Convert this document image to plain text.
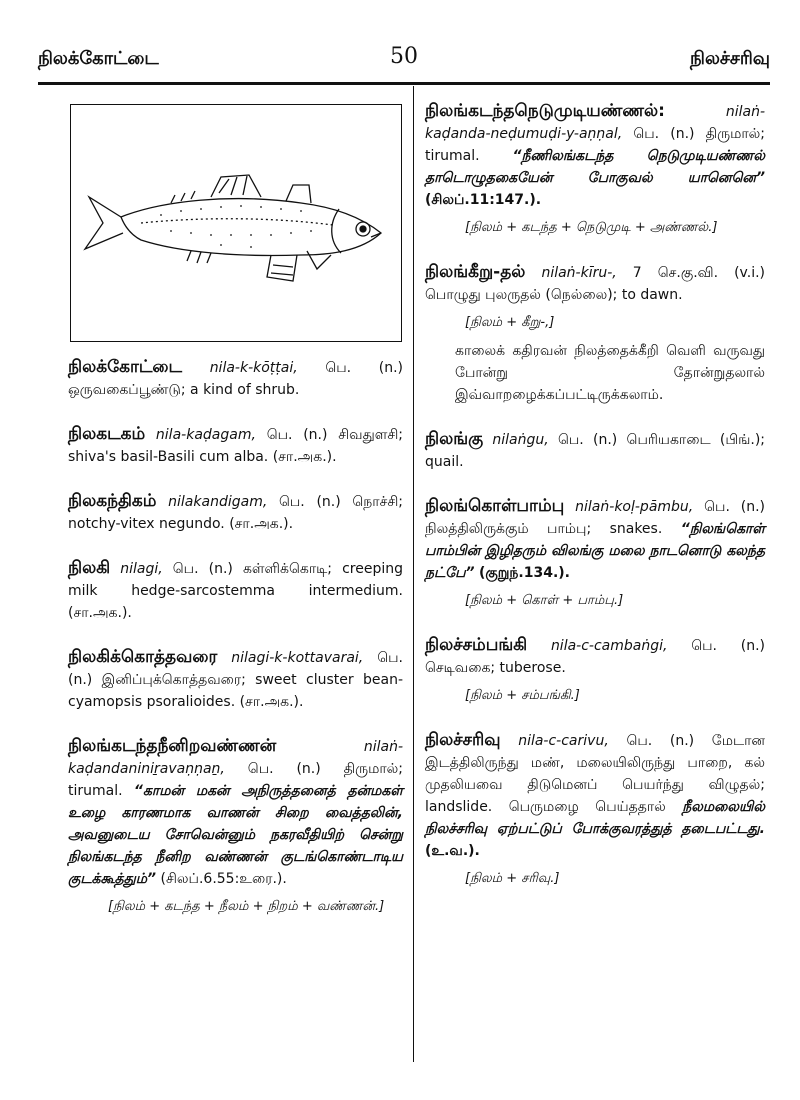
நிலக்கோட்டை	50	நிலச்சரிவு
நிலக்கோட்டை nila-k-kōṭṭai, பெ. (n.) ஒருவகைப்பூண்டு; a kind of shrub.
நிலகடகம் nila-kaḍagam, பெ. (n.) சிவதுளசி; shiva's basil-Basili cum alba. (சா.அக.).
நிலகந்திகம் nilakandigam, பெ. (n.) நொச்சி; notchy-vitex negundo. (சா.அக.).
நிலகி nilagi, பெ. (n.) கள்ளிக்கொடி; creeping milk hedge-sarcostemma intermedium. (சா.அக.).
நிலகிக்கொத்தவரை nilagi-k-kottavarai, பெ. (n.) இனிப்புக்கொத்தவரை; sweet cluster bean-cyamopsis psoralioides. (சா.அக.).
நிலங்கடந்தநீனிறவண்ணன்	nilaṅ-kaḍandaniniṟavaṇṇaṉ, பெ. (n.) திருமால்; tirumal. “காமன் மகன் அநிருத்தனைத் தன்மகள் உழை காரணமாக வாணன் சிறை வைத்தலின், அவனுடைய சோவென்னும் நகரவீதியிற் சென்று நிலங்கடந்த நீனிற வண்ணன் குடங்கொண்டாடிய குடக்கூத்தும்” (சிலப்.6.55:உரை.).
[நிலம் + கடந்த + நீலம் + நிறம் + வண்ணன்.]
நிலங்கடந்தநெடுமுடியண்ணல்:	nilaṅ-kaḍanda-neḍumuḍi-y-aṇṇal, பெ. (n.) திருமால்; tirumal. “நீணிலங்கடந்த நெடுமுடியண்ணல் தாடொழுதகையேன் போகுவல் யானெனெ” (சிலப்.11:147.).
[நிலம் + கடந்த + நெடுமுடி + அண்ணல்.]
நிலங்கீறு-தல் nilaṅ-kīru-, 7 செ.கு.வி. (v.i.) பொழுது புலருதல் (நெல்லை); to dawn.
[நிலம் + கீறு-,]
காலைக் கதிரவன் நிலத்தைக்கீறி வெளி வருவது போன்று தோன்றுதலால் இவ்வாறழைக்கப்பட்டிருக்கலாம்.
நிலங்கு nilaṅgu, பெ. (n.) பெரியகாடை (பிங்.); quail.
நிலங்கொள்பாம்பு nilaṅ-koḷ-pāmbu, பெ. (n.) நிலத்திலிருக்கும் பாம்பு; snakes. “நிலங்கொள் பாம்பின் இழிதரும் விலங்கு மலை நாடனொடு கலந்த நட்பே” (குறுந்.134.).
[நிலம் + கொள் + பாம்பு.]
நிலச்சம்பங்கி nila-c-cambaṅgi, பெ. (n.) செடிவகை; tuberose.
[நிலம் + சம்பங்கி.]
நிலச்சரிவு nila-c-carivu, பெ. (n.) மேடான இடத்திலிருந்து மண், மலையிலிருந்து பாறை, கல் முதலியவை திடுமெனப் பெயர்ந்து விழுதல்; landslide. பெருமழை பெய்ததால் நீலமலையில் நிலச்சரிவு ஏற்பட்டுப் போக்குவரத்துத் தடைபட்டது. (உ.வ.).
[நிலம் + சரிவு.]
